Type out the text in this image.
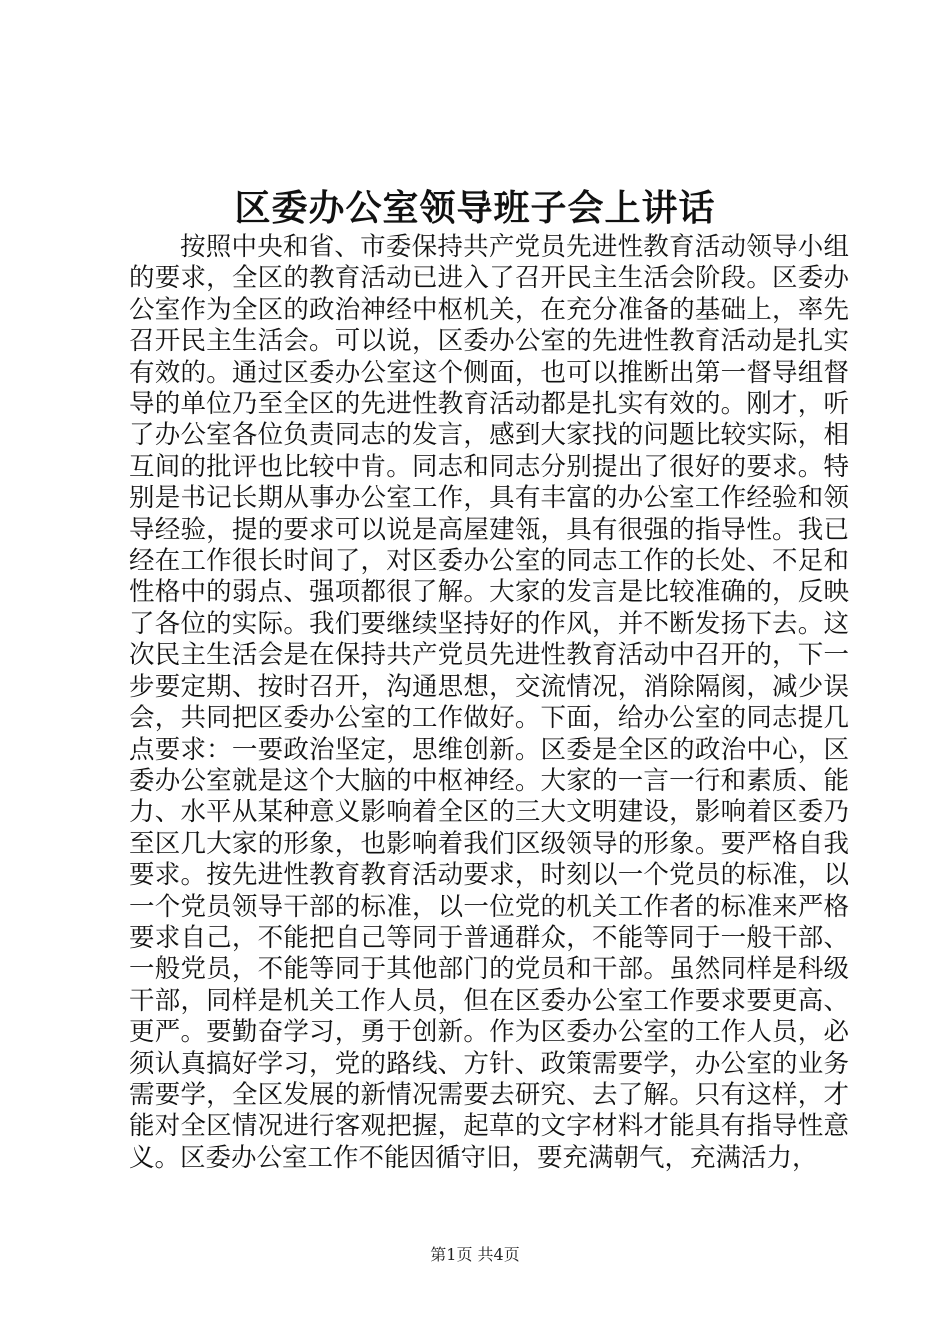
区委办公室领导班子会上讲话

按照中央和省、市委保持共产党员先进性教育活动领导小组的要求，全区的教育活动已进入了召开民主生活会阶段。区委办公室作为全区的政治神经中枢机关，在充分准备的基础上，率先召开民主生活会。可以说，区委办公室的先进性教育活动是扎实有效的。通过区委办公室这个侧面，也可以推断出第一督导组督导的单位乃至全区的先进性教育活动都是扎实有效的。刚才，听了办公室各位负责同志的发言，感到大家找的问题比较实际，相互间的批评也比较中肯。同志和同志分别提出了很好的要求。特别是书记长期从事办公室工作，具有丰富的办公室工作经验和领导经验，提的要求可以说是高屋建瓴，具有很强的指导性。我已经在工作很长时间了，对区委办公室的同志工作的长处、不足和性格中的弱点、强项都很了解。大家的发言是比较准确的，反映了各位的实际。我们要继续坚持好的作风，并不断发扬下去。这次民主生活会是在保持共产党员先进性教育活动中召开的，下一步要定期、按时召开，沟通思想，交流情况，消除隔阂，减少误会，共同把区委办公室的工作做好。下面，给办公室的同志提几点要求：一要政治坚定，思维创新。区委是全区的政治中心，区委办公室就是这个大脑的中枢神经。大家的一言一行和素质、能力、水平从某种意义影响着全区的三大文明建设，影响着区委乃至区几大家的形象，也影响着我们区级领导的形象。要严格自我要求。按先进性教育教育活动要求，时刻以一个党员的标准，以一个党员领导干部的标准，以一位党的机关工作者的标准来严格要求自己，不能把自己等同于普通群众，不能等同于一般干部、一般党员，不能等同于其他部门的党员和干部。虽然同样是科级干部，同样是机关工作人员，但在区委办公室工作要求要更高、更严。要勤奋学习，勇于创新。作为区委办公室的工作人员，必须认真搞好学习，党的路线、方针、政策需要学，办公室的业务需要学，全区发展的新情况需要去研究、去了解。只有这样，才能对全区情况进行客观把握，起草的文字材料才能具有指导性意义。区委办公室工作不能因循守旧，要充满朝气，充满活力，

第1页 共4页
